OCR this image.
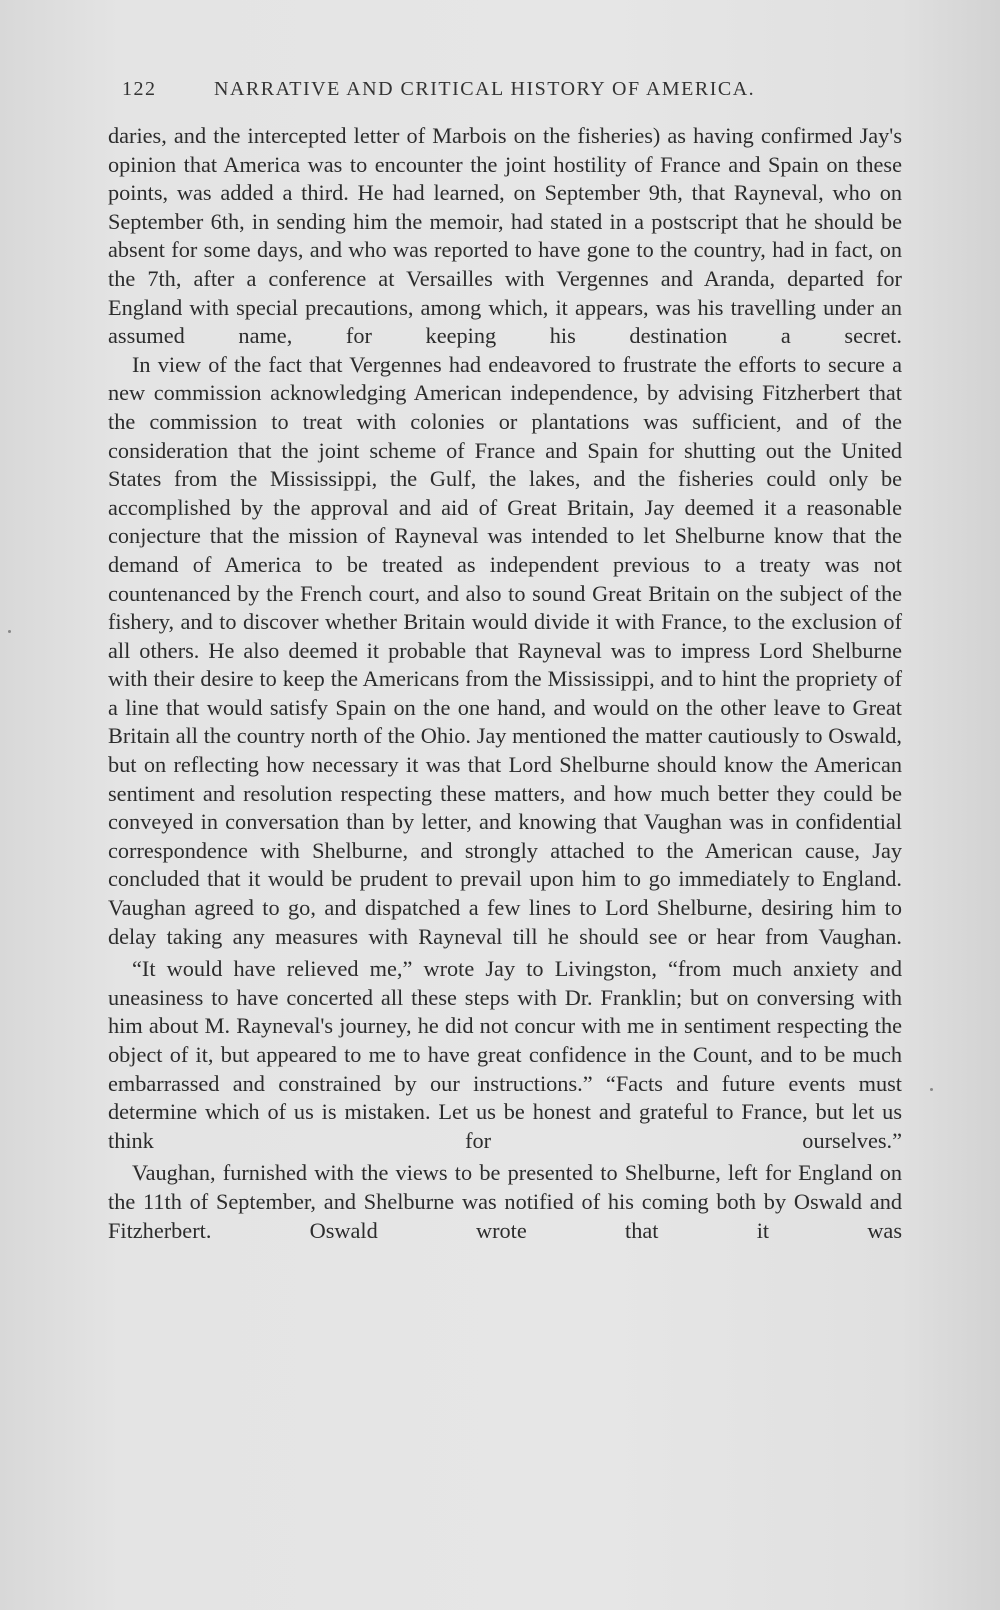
122	NARRATIVE AND CRITICAL HISTORY OF AMERICA.

daries, and the intercepted letter of Marbois on the fisheries) as having confirmed Jay's opinion that America was to encounter the joint hostility of France and Spain on these points, was added a third. He had learned, on September 9th, that Rayneval, who on September 6th, in sending him the memoir, had stated in a postscript that he should be absent for some days, and who was reported to have gone to the country, had in fact, on the 7th, after a conference at Versailles with Vergennes and Aranda, departed for England with special precautions, among which, it appears, was his travelling under an assumed name, for keeping his destination a secret.

In view of the fact that Vergennes had endeavored to frustrate the efforts to secure a new commission acknowledging American independence, by advising Fitzherbert that the commission to treat with colonies or plantations was sufficient, and of the consideration that the joint scheme of France and Spain for shutting out the United States from the Mississippi, the Gulf, the lakes, and the fisheries could only be accomplished by the approval and aid of Great Britain, Jay deemed it a reasonable conjecture that the mission of Rayneval was intended to let Shelburne know that the demand of America to be treated as independent previous to a treaty was not countenanced by the French court, and also to sound Great Britain on the subject of the fishery, and to discover whether Britain would divide it with France, to the exclusion of all others. He also deemed it probable that Rayneval was to impress Lord Shelburne with their desire to keep the Americans from the Mississippi, and to hint the propriety of a line that would satisfy Spain on the one hand, and would on the other leave to Great Britain all the country north of the Ohio. Jay mentioned the matter cautiously to Oswald, but on reflecting how necessary it was that Lord Shelburne should know the American sentiment and resolution respecting these matters, and how much better they could be conveyed in conversation than by letter, and knowing that Vaughan was in confidential correspondence with Shelburne, and strongly attached to the American cause, Jay concluded that it would be prudent to prevail upon him to go immediately to England. Vaughan agreed to go, and dispatched a few lines to Lord Shelburne, desiring him to delay taking any measures with Rayneval till he should see or hear from Vaughan.

“It would have relieved me,” wrote Jay to Livingston, “from much anxiety and uneasiness to have concerted all these steps with Dr. Franklin; but on conversing with him about M. Rayneval's journey, he did not concur with me in sentiment respecting the object of it, but appeared to me to have great confidence in the Count, and to be much embarrassed and constrained by our instructions.” “Facts and future events must determine which of us is mistaken. Let us be honest and grateful to France, but let us think for ourselves.”

Vaughan, furnished with the views to be presented to Shelburne, left for England on the 11th of September, and Shelburne was notified of his coming both by Oswald and Fitzherbert. Oswald wrote that it was
